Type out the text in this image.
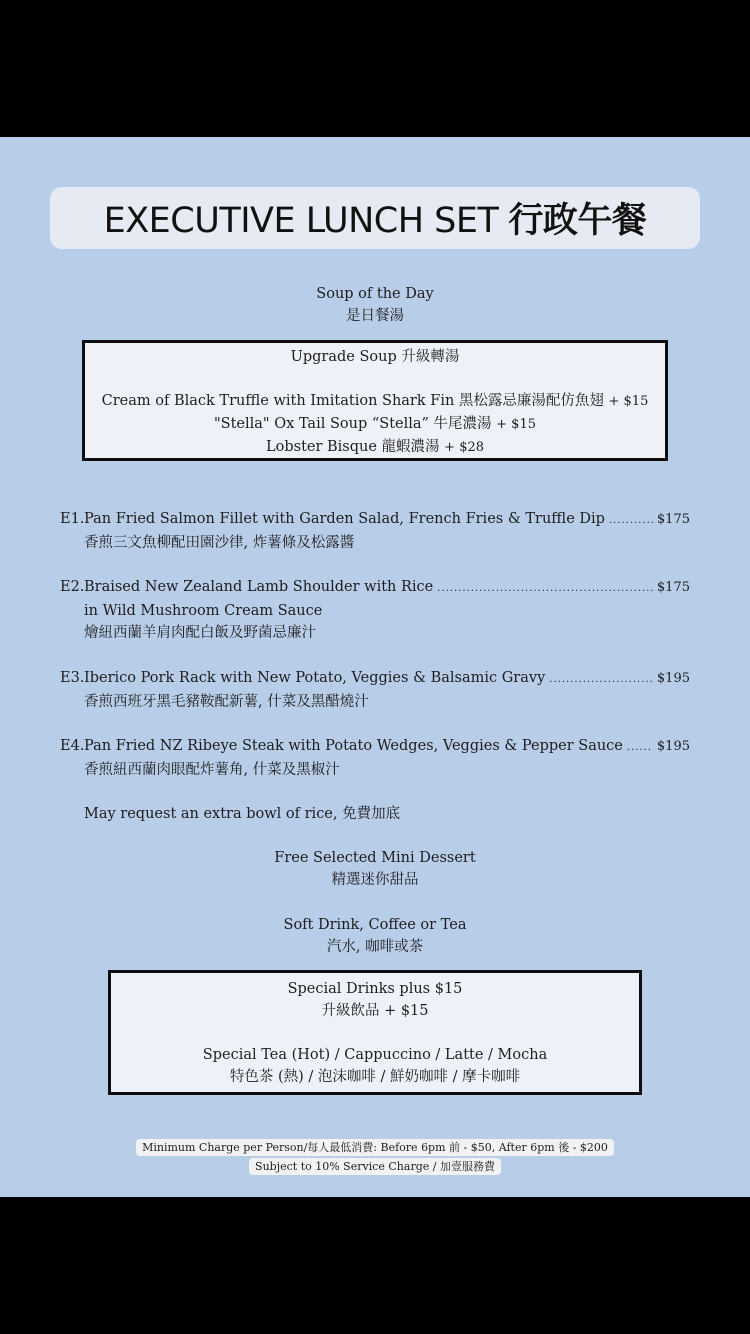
EXECUTIVE LUNCH SET 行政午餐
Soup of the Day
是日餐湯
Upgrade Soup 升級轉湯
Cream of Black Truffle with Imitation Shark Fin 黑松露忌廉湯配仿魚翅 + $15
"Stella" Ox Tail Soup “Stella” 牛尾濃湯 + $15
Lobster Bisque 龍蝦濃湯 + $28
E1. Pan Fried Salmon Fillet with Garden Salad, French Fries & Truffle Dip .....	$175
香煎三文魚柳配田園沙律, 炸薯條及松露醬
E2. Braised New Zealand Lamb Shoulder with Rice .....	$175
in Wild Mushroom Cream Sauce
燴紐西蘭羊肩肉配白飯及野菌忌廉汁
E3. Iberico Pork Rack with New Potato, Veggies & Balsamic Gravy .....	$195
香煎西班牙黑毛豬鞍配新薯, 什菜及黑醋燒汁
E4. Pan Fried NZ Ribeye Steak with Potato Wedges, Veggies & Pepper Sauce .....	$195
香煎紐西蘭肉眼配炸薯角, 什菜及黑椒汁
May request an extra bowl of rice, 免費加底
Free Selected Mini Dessert
精選迷你甜品
Soft Drink, Coffee or Tea
汽水, 咖啡或茶
Special Drinks plus $15
升級飲品 + $15
Special Tea (Hot) / Cappuccino / Latte / Mocha
特色茶 (熱) / 泡沫咖啡 / 鮮奶咖啡 / 摩卡咖啡
Minimum Charge per Person/每人最低消費: Before 6pm 前 - $50, After 6pm 後 - $200
Subject to 10% Service Charge / 加壹服務費
